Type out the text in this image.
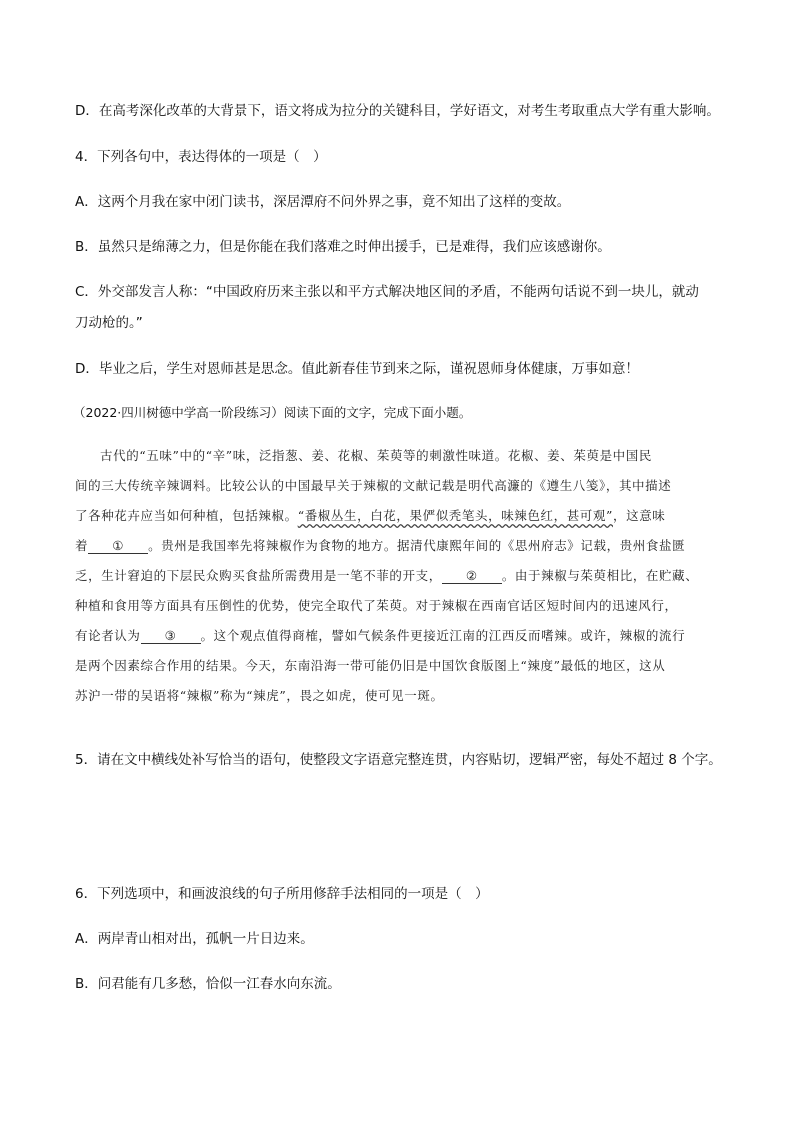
D．在高考深化改革的大背景下，语文将成为拉分的关键科目，学好语文，对考生考取重点大学有重大影响。
4．下列各句中，表达得体的一项是（　）
A．这两个月我在家中闭门读书，深居潭府不问外界之事，竟不知出了这样的变故。
B．虽然只是绵薄之力，但是你能在我们落难之时伸出援手，已是难得，我们应该感谢你。
C．外交部发言人称：“中国政府历来主张以和平方式解决地区间的矛盾，不能两句话说不到一块儿，就动
刀动枪的。”
D．毕业之后，学生对恩师甚是思念。值此新春佳节到来之际，谨祝恩师身体健康，万事如意！
（2022·四川树德中学高一阶段练习）阅读下面的文字，完成下面小题。
古代的“五味”中的“辛”味，泛指葱、姜、花椒、茱萸等的刺激性味道。花椒、姜、茱萸是中国民
间的三大传统辛辣调料。比较公认的中国最早关于辣椒的文献记载是明代高濂的《遵生八笺》，其中描述
了各种花卉应当如何种植，包括辣椒。“番椒丛生，白花，果俨似秃笔头，味辣色红，甚可观”，这意味
着 ① 。贵州是我国率先将辣椒作为食物的地方。据清代康熙年间的《思州府志》记载，贵州食盐匮
乏，生计窘迫的下层民众购买食盐所需费用是一笔不菲的开支， ② 。由于辣椒与茱萸相比，在贮藏、
种植和食用等方面具有压倒性的优势，使完全取代了茱萸。对于辣椒在西南官话区短时间内的迅速风行，
有论者认为 ③ 。这个观点值得商榷，譬如气候条件更接近江南的江西反而嗜辣。或许，辣椒的流行
是两个因素综合作用的结果。今天，东南沿海一带可能仍旧是中国饮食版图上“辣度”最低的地区，这从
苏沪一带的吴语将“辣椒”称为“辣虎”，畏之如虎，使可见一斑。
5．请在文中横线处补写恰当的语句，使整段文字语意完整连贯，内容贴切，逻辑严密，每处不超过 8 个字。
6．下列选项中，和画波浪线的句子所用修辞手法相同的一项是（　）
A．两岸青山相对出，孤帆一片日边来。
B．问君能有几多愁，恰似一江春水向东流。
